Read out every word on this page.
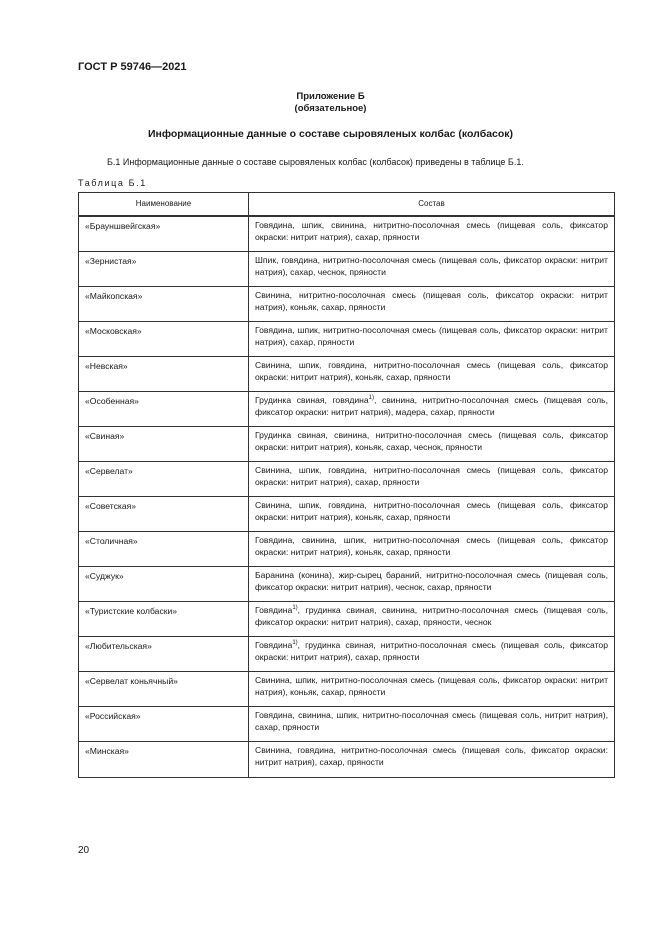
ГОСТ Р 59746—2021
Приложение Б
(обязательное)
Информационные данные о составе сыровяленых колбас (колбасок)
Б.1 Информационные данные о составе сыровяленых колбас (колбасок) приведены в таблице Б.1.
Таблица Б.1
Наименование	Состав
«Брауншвейгская»	Говядина, шпик, свинина, нитритно-посолочная смесь (пищевая соль, фиксатор окраски: нитрит натрия), сахар, пряности
«Зернистая»	Шпик, говядина, нитритно-посолочная смесь (пищевая соль, фиксатор окраски: нитрит натрия), сахар, чеснок, пряности
«Майкопская»	Свинина, нитритно-посолочная смесь (пищевая соль, фиксатор окраски: нитрит натрия), коньяк, сахар, пряности
«Московская»	Говядина, шпик, нитритно-посолочная смесь (пищевая соль, фиксатор окраски: нитрит натрия), сахар, пряности
«Невская»	Свинина, шпик, говядина, нитритно-посолочная смесь (пищевая соль, фиксатор окраски: нитрит натрия), коньяк, сахар, пряности
«Особенная»	Грудинка свиная, говядина$^{1)}$, свинина, нитритно-посолочная смесь (пищевая соль, фиксатор окраски: нитрит натрия), мадера, сахар, пряности
«Свиная»	Грудинка свиная, свинина, нитритно-посолочная смесь (пищевая соль, фиксатор окраски: нитрит натрия), коньяк, сахар, чеснок, пряности
«Сервелат»	Свинина, шпик, говядина, нитритно-посолочная смесь (пищевая соль, фиксатор окраски: нитрит натрия), сахар, пряности
«Советская»	Свинина, шпик, говядина, нитритно-посолочная смесь (пищевая соль, фиксатор окраски: нитрит натрия), коньяк, сахар, пряности
«Столичная»	Говядина, свинина, шпик, нитритно-посолочная смесь (пищевая соль, фиксатор окраски: нитрит натрия), коньяк, сахар, пряности
«Суджук»	Баранина (конина), жир-сырец бараний, нитритно-посолочная смесь (пищевая соль, фиксатор окраски: нитрит натрия), чеснок, сахар, пряности
«Туристские колбаски»	Говядина$^{1)}$, грудинка свиная, свинина, нитритно-посолочная смесь (пищевая соль, фиксатор окраски: нитрит натрия), сахар, пряности, чеснок
«Любительская»	Говядина$^{1)}$, грудинка свиная, нитритно-посолочная смесь (пищевая соль, фиксатор окраски: нитрит натрия), сахар, пряности
«Сервелат коньячный»	Свинина, шпик, нитритно-посолочная смесь (пищевая соль, фиксатор окраски: нитрит натрия), коньяк, сахар, пряности
«Российская»	Говядина, свинина, шпик, нитритно-посолочная смесь (пищевая соль, нитрит натрия), сахар, пряности
«Минская»	Свинина, говядина, нитритно-посолочная смесь (пищевая соль, фиксатор окраски: нитрит натрия), сахар, пряности
20
